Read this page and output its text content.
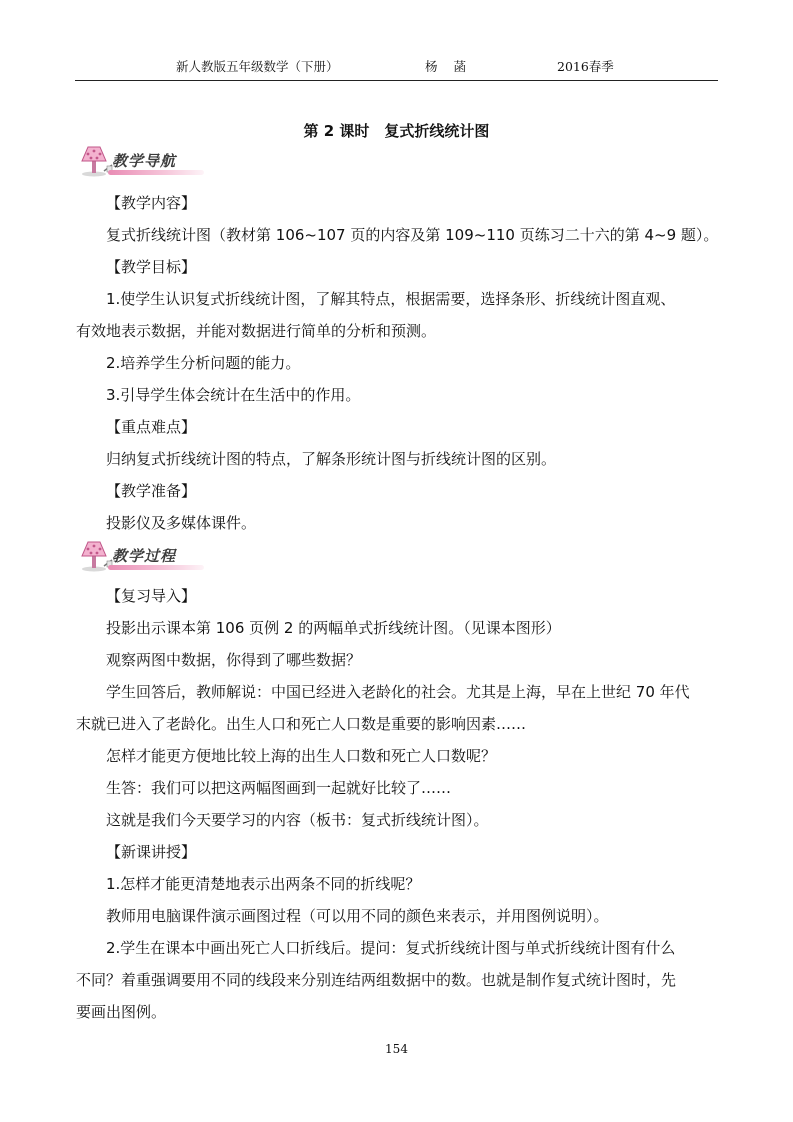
新人教版五年级数学（下册）	杨 菡	2016春季
第 2 课时　复式折线统计图
教学导航

【教学内容】

复式折线统计图（教材第 106~107 页的内容及第 109~110 页练习二十六的第 4~9 题）。

【教学目标】

1.使学生认识复式折线统计图，了解其特点，根据需要，选择条形、折线统计图直观、

有效地表示数据，并能对数据进行简单的分析和预测。

2.培养学生分析问题的能力。

3.引导学生体会统计在生活中的作用。

【重点难点】

归纳复式折线统计图的特点，了解条形统计图与折线统计图的区别。

【教学准备】

投影仪及多媒体课件。

教学过程

【复习导入】

投影出示课本第 106 页例 2 的两幅单式折线统计图。（见课本图形）

观察两图中数据，你得到了哪些数据？

学生回答后，教师解说：中国已经进入老龄化的社会。尤其是上海，早在上世纪 70 年代

末就已进入了老龄化。出生人口和死亡人口数是重要的影响因素……

怎样才能更方便地比较上海的出生人口数和死亡人口数呢？

生答：我们可以把这两幅图画到一起就好比较了……

这就是我们今天要学习的内容（板书：复式折线统计图）。

【新课讲授】

1.怎样才能更清楚地表示出两条不同的折线呢？

教师用电脑课件演示画图过程（可以用不同的颜色来表示，并用图例说明）。

2.学生在课本中画出死亡人口折线后。提问：复式折线统计图与单式折线统计图有什么

不同？着重强调要用不同的线段来分别连结两组数据中的数。也就是制作复式统计图时，先

要画出图例。

154
